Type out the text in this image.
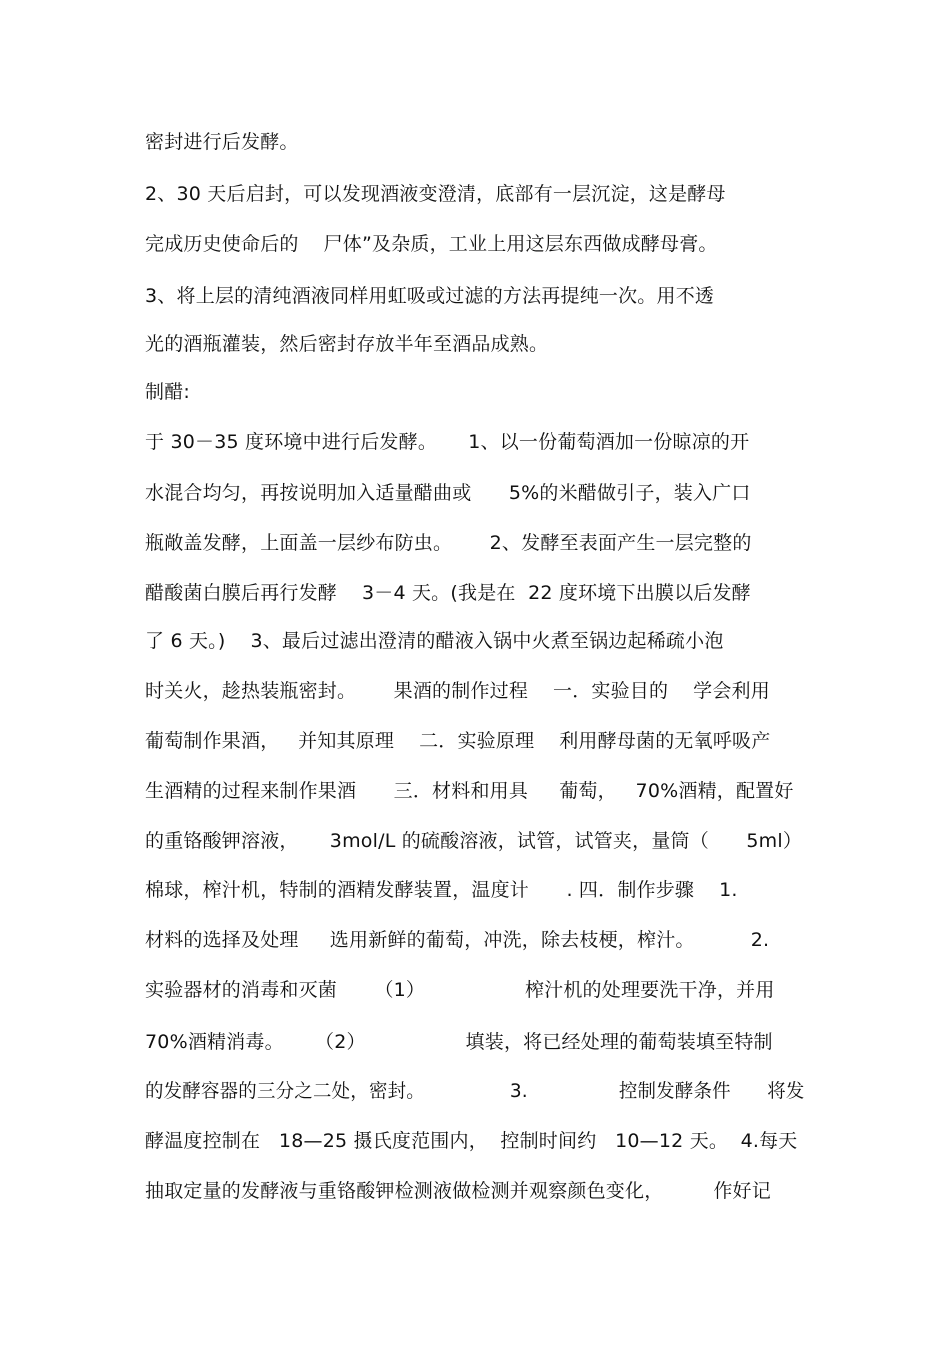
密封进行后发酵。

2、30 天后启封，可以发现酒液变澄清，底部有一层沉淀，这是酵母

完成历史使命后的    尸体”及杂质，工业上用这层东西做成酵母膏。

3、将上层的清纯酒液同样用虹吸或过滤的方法再提纯一次。用不透

光的酒瓶灌装，然后密封存放半年至酒品成熟。

制醋:

于 30－35 度环境中进行后发酵。     1、以一份葡萄酒加一份晾凉的开

水混合均匀，再按说明加入适量醋曲或      5%的米醋做引子，装入广口

瓶敞盖发酵，上面盖一层纱布防虫。      2、发酵至表面产生一层完整的

醋酸菌白膜后再行发酵    3－4 天。(我是在  22 度环境下出膜以后发酵

了 6 天。)    3、最后过滤出澄清的醋液入锅中火煮至锅边起稀疏小泡

时关火，趁热装瓶密封。      果酒的制作过程    一．实验目的    学会利用

葡萄制作果酒，   并知其原理    二．实验原理    利用酵母菌的无氧呼吸产

生酒精的过程来制作果酒      三．材料和用具     葡萄，   70%酒精，配置好

的重铬酸钾溶液，     3mol/L 的硫酸溶液，试管，试管夹，量筒（      5ml）

棉球，榨汁机，特制的酒精发酵装置，温度计      . 四．制作步骤    1.

材料的选择及处理     选用新鲜的葡萄，冲洗，除去枝梗，榨汁。         2.

实验器材的消毒和灭菌      （1）                榨汁机的处理要洗干净，并用

70%酒精消毒。     （2）                填装，将已经处理的葡萄装填至特制

的发酵容器的三分之二处，密封。              3.               控制发酵条件      将发

酵温度控制在   18—25 摄氏度范围内，  控制时间约   10—12 天。  4.每天

抽取定量的发酵液与重铬酸钾检测液做检测并观察颜色变化，        作好记
